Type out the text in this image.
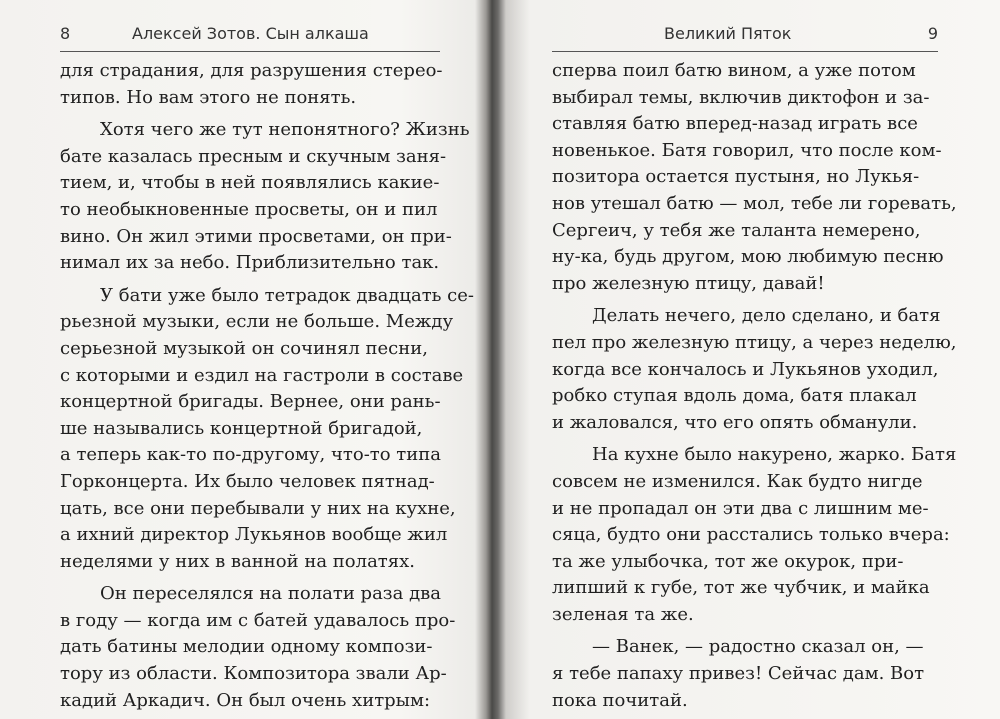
8	Алексей Зотов. Сын алкаша
для страдания, для разрушения стерео-
типов. Но вам этого не понять.
Хотя чего же тут непонятного? Жизнь
бате казалась пресным и скучным заня-
тием, и, чтобы в ней появлялись какие-
то необыкновенные просветы, он и пил
вино. Он жил этими просветами, он при-
нимал их за небо. Приблизительно так.
У бати уже было тетрадок двадцать се-
рьезной музыки, если не больше. Между
серьезной музыкой он сочинял песни,
с которыми и ездил на гастроли в составе
концертной бригады. Вернее, они рань-
ше назывались концертной бригадой,
а теперь как-то по-другому, что-то типа
Горконцерта. Их было человек пятнад-
цать, все они перебывали у них на кухне,
а ихний директор Лукьянов вообще жил
неделями у них в ванной на полатях.
Он переселялся на полати раза два
в году — когда им с батей удавалось про-
дать батины мелодии одному компози-
тору из области. Композитора звали Ар-
кадий Аркадич. Он был очень хитрым:
Великий Пяток	9
сперва поил батю вином, а уже потом
выбирал темы, включив диктофон и за-
ставляя батю вперед-назад играть все
новенькое. Батя говорил, что после ком-
позитора остается пустыня, но Лукья-
нов утешал батю — мол, тебе ли горевать,
Сергеич, у тебя же таланта немерено,
ну-ка, будь другом, мою любимую песню
про железную птицу, давай!
Делать нечего, дело сделано, и батя
пел про железную птицу, а через неделю,
когда все кончалось и Лукьянов уходил,
робко ступая вдоль дома, батя плакал
и жаловался, что его опять обманули.
На кухне было накурено, жарко. Батя
совсем не изменился. Как будто нигде
и не пропадал он эти два с лишним ме-
сяца, будто они расстались только вчера:
та же улыбочка, тот же окурок, при-
липший к губе, тот же чубчик, и майка
зеленая та же.
— Ванек, — радостно сказал он, —
я тебе папаху привез! Сейчас дам. Вот
пока почитай.
